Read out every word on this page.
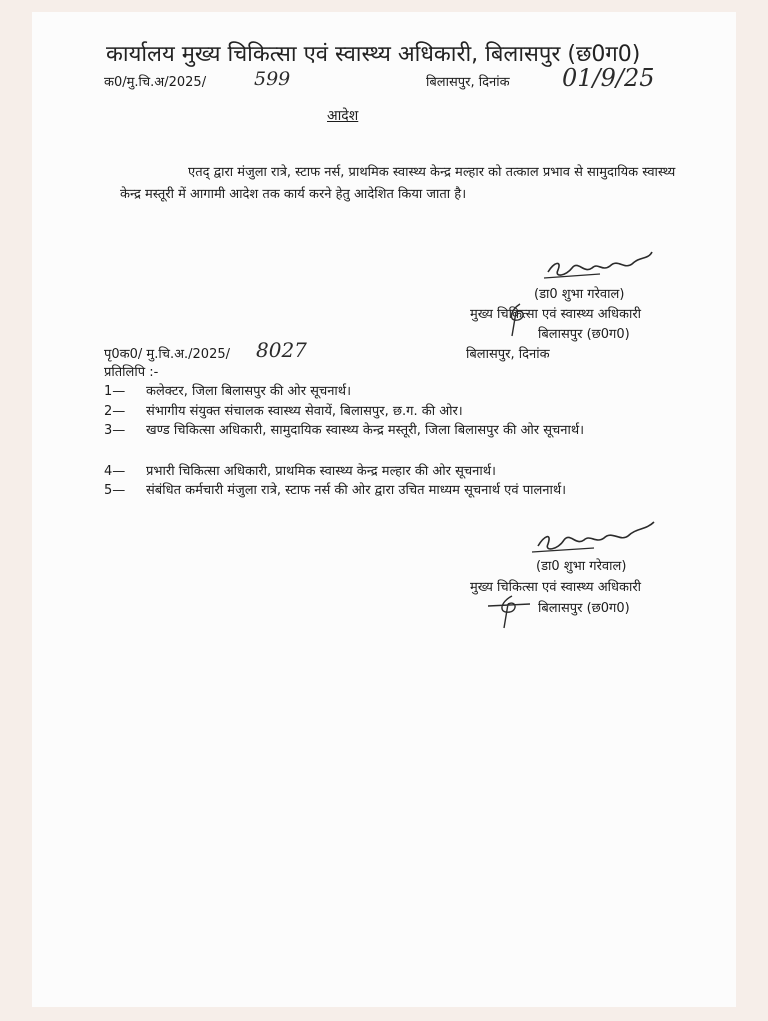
कार्यालय मुख्य चिकित्सा एवं स्वास्थ्य अधिकारी, बिलासपुर (छ0ग0)
क0/मु.चि.अ/2025/	599	बिलासपुर, दिनांक 01/9/25
आदेश
एतद् द्वारा मंजुला रात्रे, स्टाफ नर्स, प्राथमिक स्वास्थ्य केन्द्र मल्हार को तत्काल प्रभाव से सामुदायिक स्वास्थ्य केन्द्र मस्तूरी में आगामी आदेश तक कार्य करने हेतु आदेशित किया जाता है।
(डा0 शुभा गरेवाल)
मुख्य चिकित्सा एवं स्वास्थ्य अधिकारी
बिलासपुर (छ0ग0)
पृ0क0/ मु.चि.अ./2025/ 8027	बिलासपुर, दिनांक
प्रतिलिपि :-
1— कलेक्टर, जिला बिलासपुर की ओर सूचनार्थ।
2— संभागीय संयुक्त संचालक स्वास्थ्य सेवायें, बिलासपुर, छ.ग. की ओर।
3— खण्ड चिकित्सा अधिकारी, सामुदायिक स्वास्थ्य केन्द्र मस्तूरी, जिला बिलासपुर की ओर सूचनार्थ।
4— प्रभारी चिकित्सा अधिकारी, प्राथमिक स्वास्थ्य केन्द्र मल्हार की ओर सूचनार्थ।
5— संबंधित कर्मचारी मंजुला रात्रे, स्टाफ नर्स की ओर द्वारा उचित माध्यम सूचनार्थ एवं पालनार्थ।
(डा0 शुभा गरेवाल)
मुख्य चिकित्सा एवं स्वास्थ्य अधिकारी
बिलासपुर (छ0ग0)
